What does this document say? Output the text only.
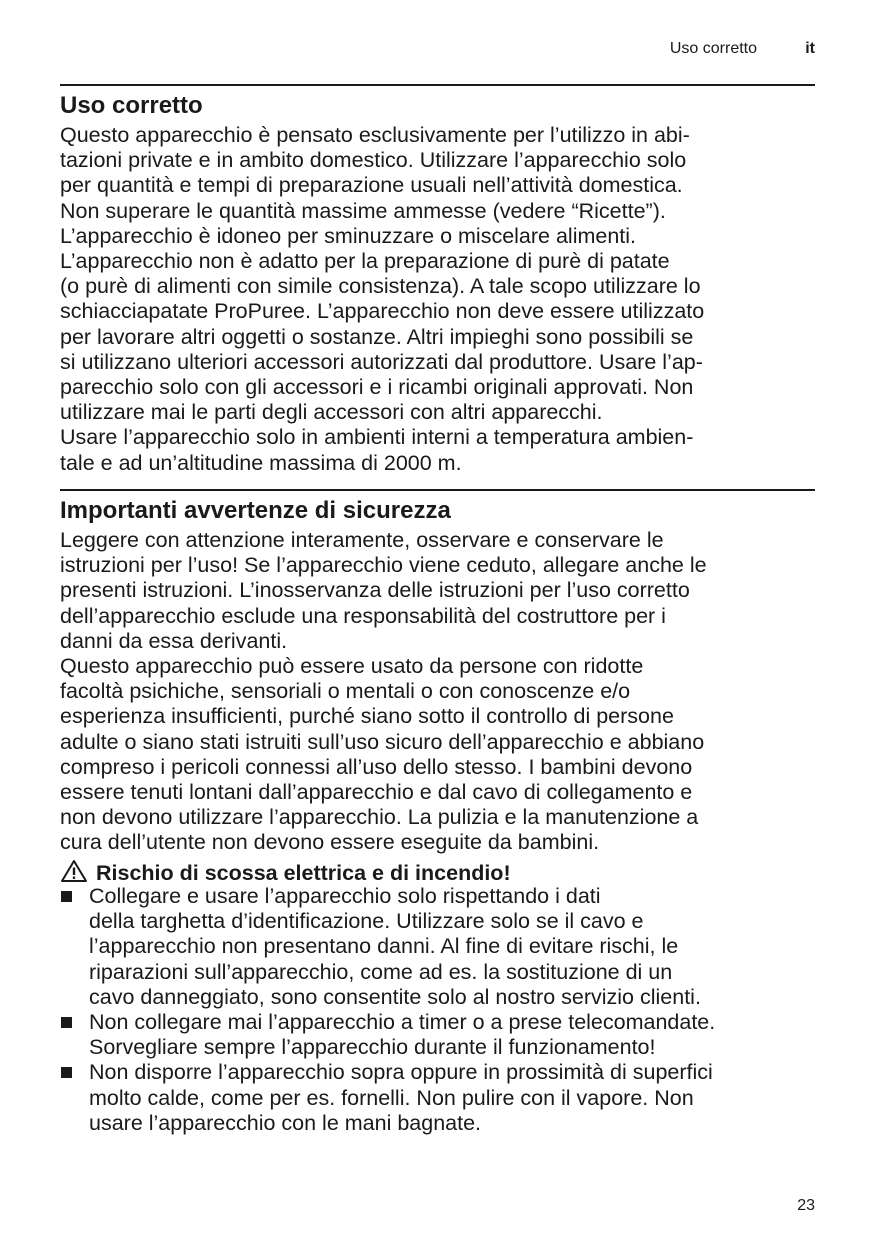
Uso corretto	it
Uso corretto

Questo apparecchio è pensato esclusivamente per l’utilizzo in abi-
tazioni private e in ambito domestico. Utilizzare l’apparecchio solo
per quantità e tempi di preparazione usuali nell’attività domestica.
Non superare le quantità massime ammesse (vedere “Ricette”).
L’apparecchio è idoneo per sminuzzare o miscelare alimenti.
L’apparecchio non è adatto per la preparazione di purè di patate
(o purè di alimenti con simile consistenza). A tale scopo utilizzare lo
schiacciapatate ProPuree. L’apparecchio non deve essere utilizzato
per lavorare altri oggetti o sostanze. Altri impieghi sono possibili se
si utilizzano ulteriori accessori autorizzati dal produttore. Usare l’ap-
parecchio solo con gli accessori e i ricambi originali approvati. Non
utilizzare mai le parti degli accessori con altri apparecchi.
Usare l’apparecchio solo in ambienti interni a temperatura ambien-
tale e ad un’altitudine massima di 2000 m.

Importanti avvertenze di sicurezza

Leggere con attenzione interamente, osservare e conservare le
istruzioni per l’uso! Se l’apparecchio viene ceduto, allegare anche le
presenti istruzioni. L’inosservanza delle istruzioni per l’uso corretto
dell’apparecchio esclude una responsabilità del costruttore per i
danni da essa derivanti.
Questo apparecchio può essere usato da persone con ridotte
facoltà psichiche, sensoriali o mentali o con conoscenze e/o
esperienza insufficienti, purché siano sotto il controllo di persone
adulte o siano stati istruiti sull’uso sicuro dell’apparecchio e abbiano
compreso i pericoli connessi all’uso dello stesso. I bambini devono
essere tenuti lontani dall’apparecchio e dal cavo di collegamento e
non devono utilizzare l’apparecchio. La pulizia e la manutenzione a
cura dell’utente non devono essere eseguite da bambini.

Rischio di scossa elettrica e di incendio!
Collegare e usare l’apparecchio solo rispettando i dati
della targhetta d’identificazione. Utilizzare solo se il cavo e
l’apparecchio non presentano danni. Al fine di evitare rischi, le
riparazioni sull’apparecchio, come ad es. la sostituzione di un
cavo danneggiato, sono consentite solo al nostro servizio clienti.
Non collegare mai l’apparecchio a timer o a prese telecomandate.
Sorvegliare sempre l’apparecchio durante il funzionamento!
Non disporre l’apparecchio sopra oppure in prossimità di superfici
molto calde, come per es. fornelli. Non pulire con il vapore. Non
usare l’apparecchio con le mani bagnate.
23
